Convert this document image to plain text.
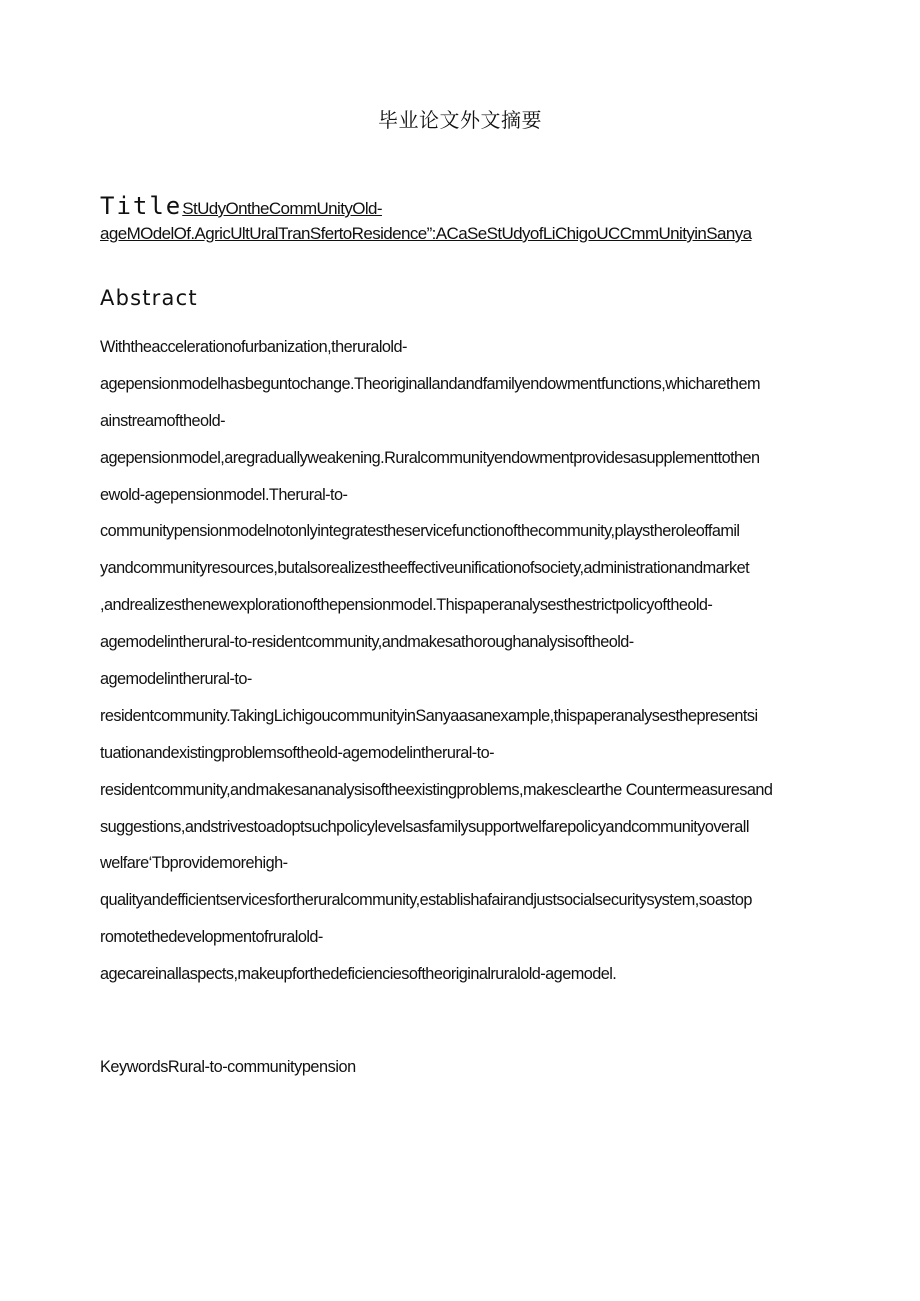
毕业论文外文摘要
TitleStUdyOntheCommUnityOld-
ageMOdelOf.AgricUltUralTranSfertoResidence”:ACaSeStUdyofLiChigoUCCmmUnityinSanya
Abstract
Withtheaccelerationofurbanization,theruralold-
agepensionmodelhasbeguntochange.Theoriginallandandfamilyendowmentfunctions,whicharethem
ainstreamoftheold-
agepensionmodel,aregraduallyweakening.Ruralcommunityendowmentprovidesasupplementtothen
ewold-agepensionmodel.Therural-to-
communitypensionmodelnotonlyintegratestheservicefunctionofthecommunity,playstheroleoffamil
yandcommunityresources,butalsorealizestheeffectiveunificationofsociety,administrationandmarket
,andrealizesthenewexplorationofthepensionmodel.Thispaperanalysesthestrictpolicyoftheold-
agemodelintherural-to-residentcommunity,andmakesathoroughanalysisoftheold-
agemodelintherural-to-
residentcommunity.TakingLichigoucommunityinSanyaasanexample,thispaperanalysesthepresentsi
tuationandexistingproblemsoftheold-agemodelintherural-to-
residentcommunity,andmakesananalysisoftheexistingproblems,makesclearthe Countermeasuresand
suggestions,andstrivestoadoptsuchpolicylevelsasfamilysupportwelfarepolicyandcommunityoverall
welfare‘Tbprovidemorehigh-
qualityandefficientservicesfortheruralcommunity,establishafairandjustsocialsecuritysystem,soastop
romotethedevelopmentofruralold-
agecareinallaspects,makeupforthedeficienciesoftheoriginalruralold-agemodel.
KeywordsRural-to-communitypension
